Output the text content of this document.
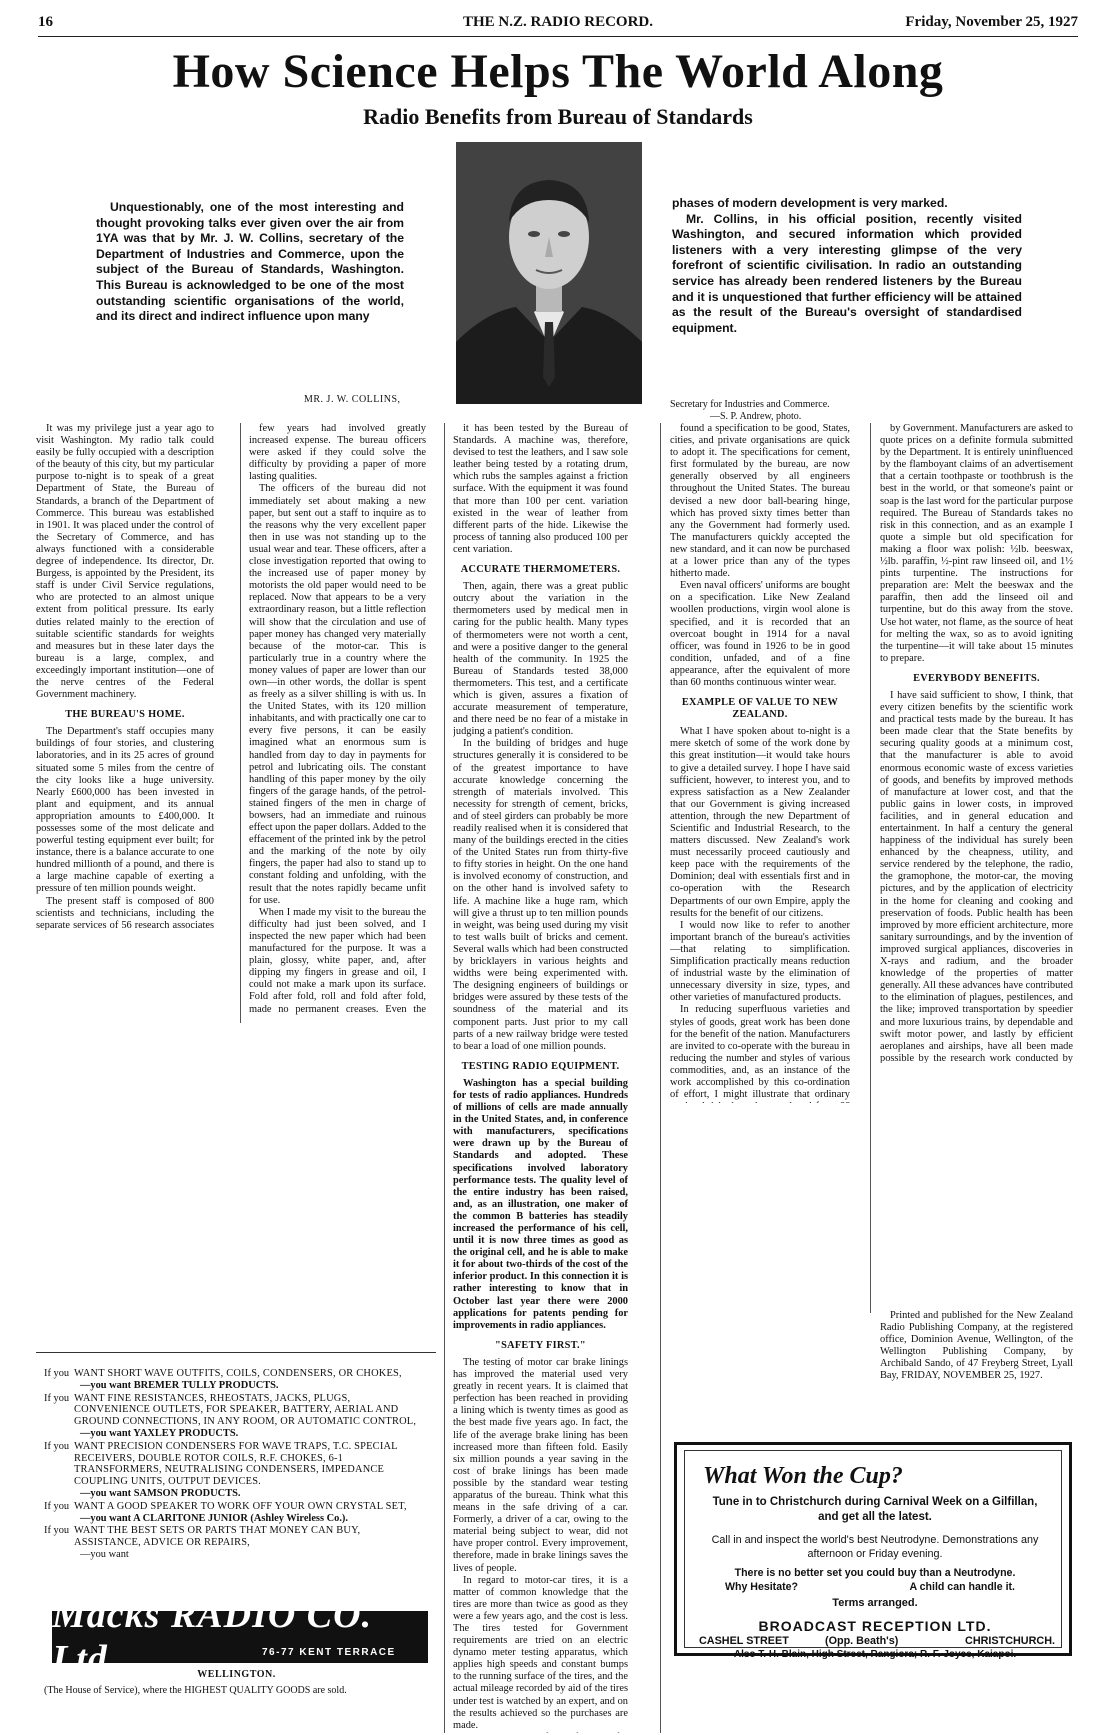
16	THE N.Z. RADIO RECORD.	Friday, November 25, 1927
How Science Helps The World Along
Radio Benefits from Bureau of Standards
Unquestionably, one of the most interesting and thought provoking talks ever given over the air from 1YA was that by Mr. J. W. Collins, secretary of the Department of Industries and Commerce, upon the subject of the Bureau of Standards, Washington. This Bureau is acknowledged to be one of the most outstanding scientific organisations of the world, and its direct and indirect influence upon many

phases of modern development is very marked.

Mr. Collins, in his official position, recently visited Washington, and secured information which provided listeners with a very interesting glimpse of the very forefront of scientific civilisation. In radio an outstanding service has already been rendered listeners by the Bureau and it is unquestioned that further efficiency will be attained as the result of the Bureau's oversight of standardised equipment.

MR. J. W. COLLINS,	Secretary for Industries and Commerce.
—S. P. Andrew, photo.

It was my privilege just a year ago to visit Washington. My radio talk could easily be fully occupied with a description of the beauty of this city, but my particular purpose to-night is to speak of a great Department of State, the Bureau of Standards, a branch of the Department of Commerce. This bureau was established in 1901. It was placed under the control of the Secretary of Commerce, and has always functioned with a considerable degree of independence. Its director, Dr. Burgess, is appointed by the President, its staff is under Civil Service regulations, who are protected to an almost unique extent from political pressure. Its early duties related mainly to the erection of suitable scientific standards for weights and measures but in these later days the bureau is a large, complex, and exceedingly important institution—one of the nerve centres of the Federal Government machinery.

THE BUREAU'S HOME.

The Department's staff occupies many buildings of four stories, and clustering laboratories, and in its 25 acres of ground situated some 5 miles from the centre of the city looks like a huge university. Nearly £600,000 has been invested in plant and equipment, and its annual appropriation amounts to £400,000. It possesses some of the most delicate and powerful testing equipment ever built; for instance, there is a balance accurate to one hundred millionth of a pound, and there is a large machine capable of exerting a pressure of ten million pounds weight.

The present staff is composed of 800 scientists and technicians, including the separate services of 56 research associates

few years had involved greatly increased expense. The bureau officers were asked if they could solve the difficulty by providing a paper of more lasting qualities.

The officers of the bureau did not immediately set about making a new paper, but sent out a staff to inquire as to the reasons why the very excellent paper then in use was not standing up to the usual wear and tear. These officers, after a close investigation reported that owing to the increased use of paper money by motorists the old paper would need to be replaced. Now that appears to be a very extraordinary reason, but a little reflection will show that the circulation and use of paper money has changed very materially because of the motor-car. This is particularly true in a country where the money values of paper are lower than our own—in other words, the dollar is spent as freely as a silver shilling is with us. In the United States, with its 120 million inhabitants, and with practically one car to every five persons, it can be easily imagined what an enormous sum is handled from day to day in payments for petrol and lubricating oils. The constant handling of this paper money by the oily fingers of the garage hands, of the petrol-stained fingers of the men in charge of bowsers, had an immediate and ruinous effect upon the paper dollars. Added to the effacement of the printed ink by the petrol and the marking of the note by oily fingers, the paper had also to stand up to constant folding and unfolding, with the result that the notes rapidly became unfit for use.

When I made my visit to the bureau the difficulty had just been solved, and I inspected the new paper which had been manufactured for the purpose. It was a plain, glossy, white paper, and, after dipping my fingers in grease and oil, I could not make a mark upon its surface. Fold after fold, roll and fold after fold, made no permanent creases. Even the

it has been tested by the Bureau of Standards. A machine was, therefore, devised to test the leathers, and I saw sole leather being tested by a rotating drum, which rubs the samples against a friction surface. With the equipment it was found that more than 100 per cent. variation existed in the wear of leather from different parts of the hide. Likewise the process of tanning also produced 100 per cent variation.

ACCURATE THERMOMETERS.

Then, again, there was a great public outcry about the variation in the thermometers used by medical men in caring for the public health. Many types of thermometers were not worth a cent, and were a positive danger to the general health of the community. In 1925 the Bureau of Standards tested 38,000 thermometers. This test, and a certificate which is given, assures a fixation of accurate measurement of temperature, and there need be no fear of a mistake in judging a patient's condition.

In the building of bridges and huge structures generally it is considered to be of the greatest importance to have accurate knowledge concerning the strength of materials involved. This necessity for strength of cement, bricks, and of steel girders can probably be more readily realised when it is considered that many of the buildings erected in the cities of the United States run from thirty-five to fifty stories in height. On the one hand is involved economy of construction, and on the other hand is involved safety to life. A machine like a huge ram, which will give a thrust up to ten million pounds in weight, was being used during my visit to test walls built of bricks and cement. Several walls which had been constructed by bricklayers in various heights and widths were being experimented with. The designing engineers of buildings or bridges were assured by these tests of the soundness of the material and its component parts. Just prior to my call parts of a new railway bridge were tested to bear a load of one million pounds.

TESTING RADIO EQUIPMENT.

Washington has a special building for tests of radio appliances. Hundreds of millions of cells are made annually in the United States, and, in conference with manufacturers, specifications were drawn up by the Bureau of Standards and adopted. These specifications involved laboratory performance tests. The quality level of the entire industry has been raised, and, as an illustration, one maker of the common B batteries has steadily increased the performance of his cell, until it is now three times as good as the original cell, and he is able to make it for about two-thirds of the cost of the inferior product. In this connection it is rather interesting to know that in October last year there were 2000 applications for patents pending for improvements in radio appliances.

"SAFETY FIRST."

The testing of motor car brake linings has improved the material used very greatly in recent years. It is claimed that perfection has been reached in providing a lining which is twenty times as good as the best made five years ago. In fact, the life of the average brake lining has been increased more than fifteen fold. Easily six million pounds a year saving in the cost of brake linings has been made possible by the standard wear testing apparatus of the bureau. Think what this means in the safe driving of a car. Formerly, a driver of a car, owing to the material being subject to wear, did not have proper control. Every improvement, therefore, made in brake linings saves the lives of people.

In regard to motor-car tires, it is a matter of common knowledge that the tires are more than twice as good as they were a few years ago, and the cost is less. The tires tested for Government requirements are tried on an electric dynamo meter testing apparatus, which applies high speeds and constant bumps to the running surface of the tires, and the actual mileage recorded by aid of the tires under test is watched by an expert, and on the results achieved so the purchases are made.

found a specification to be good, States, cities, and private organisations are quick to adopt it. The specifications for cement, first formulated by the bureau, are now generally observed by all engineers throughout the United States. The bureau devised a new door ball-bearing hinge, which has proved sixty times better than any the Government had formerly used. The manufacturers quickly accepted the new standard, and it can now be purchased at a lower price than any of the types hitherto made.

Even naval officers' uniforms are bought on a specification. Like New Zealand woollen productions, virgin wool alone is specified, and it is recorded that an overcoat bought in 1914 for a naval officer, was found in 1926 to be in good condition, unfaded, and of a fine appearance, after the equivalent of more than 60 months continuous winter wear.

EXAMPLE OF VALUE TO NEW ZEALAND.

What I have spoken about to-night is a mere sketch of some of the work done by this great institution—it would take hours to give a detailed survey. I hope I have said sufficient, however, to interest you, and to express satisfaction as a New Zealander that our Government is giving increased attention, through the new Department of Scientific and Industrial Research, to the matters discussed. New Zealand's work must necessarily proceed cautiously and keep pace with the requirements of the Dominion; deal with essentials first and in co-operation with the Research Departments of our own Empire, apply the results for the benefit of our citizens.

I would now like to refer to another important branch of the bureau's activities—that relating to simplification. Simplification practically means reduction of industrial waste by the elimination of unnecessary diversity in size, types, and other varieties of manufactured products.

In reducing superfluous varieties and styles of goods, great work has been done for the benefit of the nation. Manufacturers are invited to co-operate with the bureau in reducing the number and styles of various commodities, and, as an instance of the work accomplished by this co-ordination of effort, I might illustrate that ordinary

by Government. Manufacturers are asked to quote prices on a definite formula submitted by the Department. It is entirely uninfluenced by the flamboyant claims of an advertisement that a certain toothpaste or toothbrush is the best in the world, or that someone's paint or soap is the last word for the particular purpose required. The Bureau of Standards takes no risk in this connection, and as an example I quote a simple but old specification for making a floor wax polish: ½lb. beeswax, ½lb. paraffin, ½-pint raw linseed oil, and 1½ pints turpentine. The instructions for preparation are: Melt the beeswax and the paraffin, then add the linseed oil and turpentine, but do this away from the stove. Use hot water, not flame, as the source of heat for melting the wax, so as to avoid igniting the turpentine—it will take about 15 minutes to prepare.

EVERYBODY BENEFITS.

I have said sufficient to show, I think, that every citizen benefits by the scientific work and practical tests made by the bureau. It has been made clear that the State benefits by securing quality goods at a minimum cost, that the manufacturer is able to avoid enormous economic waste of excess varieties of goods, and benefits by improved methods of manufacture at lower cost, and that the public gains in lower costs, in improved facilities, and in general education and entertainment. In half a century the general happiness of the individual has surely been enhanced by the cheapness, utility, and service rendered by the telephone, the radio, the gramophone, the motor-car, the moving pictures, and by the application of electricity in the home for cleaning and cooking and preservation of foods. Public health has been improved by more efficient architecture, more sanitary surroundings, and by the invention of improved surgical appliances, discoveries in X-rays and radium, and the broader knowledge of the properties of matter generally. All these advances have contributed to the elimination of plagues, pestilences, and the like; improved transportation by speedier and more luxurious trains, by dependable and swift motor power, and lastly by efficient aeroplanes and airships, have all been made possible by the research work conducted by

Printed and published for the New Zealand Radio Publishing Company, at the registered office, Dominion Avenue, Wellington, of the Wellington Publishing Company, by Archibald Sando, of 47 Freyberg Street, Lyall Bay, FRIDAY, NOVEMBER 25, 1927.
If you WANT SHORT WAVE OUTFITS, COILS, CONDENSERS, OR CHOKES,
—you want BREMER TULLY PRODUCTS.
If you WANT FINE RESISTANCES, RHEOSTATS, JACKS, PLUGS, CONVENIENCE OUTLETS, FOR SPEAKER, BATTERY, AERIAL AND GROUND CONNECTIONS, IN ANY ROOM, OR AUTOMATIC CONTROL,
—you want YAXLEY PRODUCTS.
If you WANT PRECISION CONDENSERS FOR WAVE TRAPS, T.C. SPECIAL RECEIVERS, DOUBLE ROTOR COILS, R.F. CHOKES, 6-1 TRANSFORMERS, NEUTRALISING CONDENSERS, IMPEDANCE COUPLING UNITS, OUTPUT DEVICES.
—you want SAMSON PRODUCTS.
If you WANT A GOOD SPEAKER TO WORK OFF YOUR OWN CRYSTAL SET,
—you want A CLARITONE JUNIOR (Ashley Wireless Co.).
If you WANT THE BEST SETS OR PARTS THAT MONEY CAN BUY, ASSISTANCE, ADVICE OR REPAIRS,
—you want
Macks RADIO CO. Ltd.	76-77 KENT TERRACE
WELLINGTON.
(The House of Service), where the HIGHEST QUALITY GOODS are sold.
What Won the Cup?
Tune in to Christchurch during Carnival Week on a Gilfillan, and get all the latest.
Call in and inspect the world's best Neutrodyne. Demonstrations any afternoon or Friday evening.
There is no better set you could buy than a Neutrodyne.
Why Hesitate?	A child can handle it.
Terms arranged.
BROADCAST RECEPTION LTD.
CASHEL STREET	(Opp. Beath's)	CHRISTCHURCH.
Also T. H. Blain, High Street, Rangiora; R. F. Joyce, Kaiapoi.
